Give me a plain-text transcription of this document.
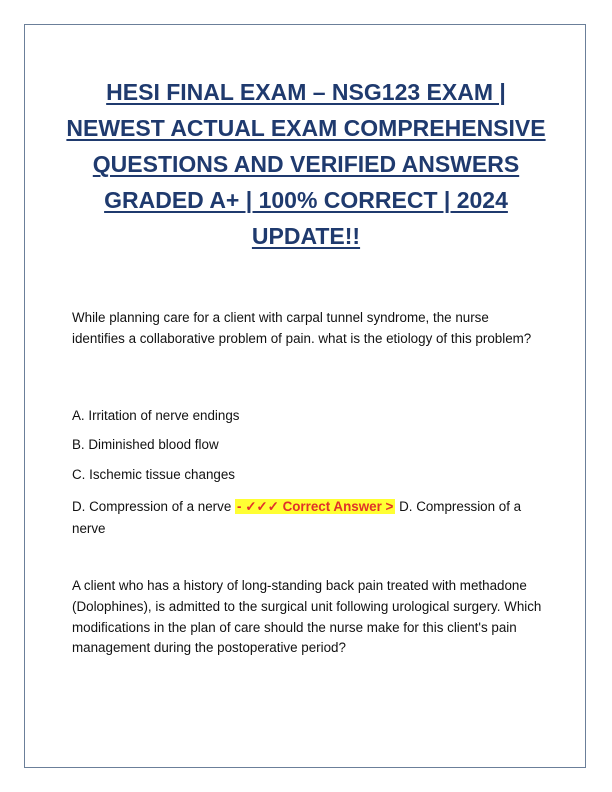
HESI FINAL EXAM – NSG123 EXAM | NEWEST ACTUAL EXAM COMPREHENSIVE QUESTIONS AND VERIFIED ANSWERS GRADED A+ | 100% CORRECT | 2024 UPDATE!!
While planning care for a client with carpal tunnel syndrome, the nurse identifies a collaborative problem of pain. what is the etiology of this problem?
A. Irritation of nerve endings
B. Diminished blood flow
C. Ischemic tissue changes
D. Compression of a nerve - ✓✓✓ Correct Answer > D. Compression of a nerve
A client who has a history of long-standing back pain treated with methadone (Dolophines), is admitted to the surgical unit following urological surgery. Which modifications in the plan of care should the nurse make for this client's pain management during the postoperative period?
